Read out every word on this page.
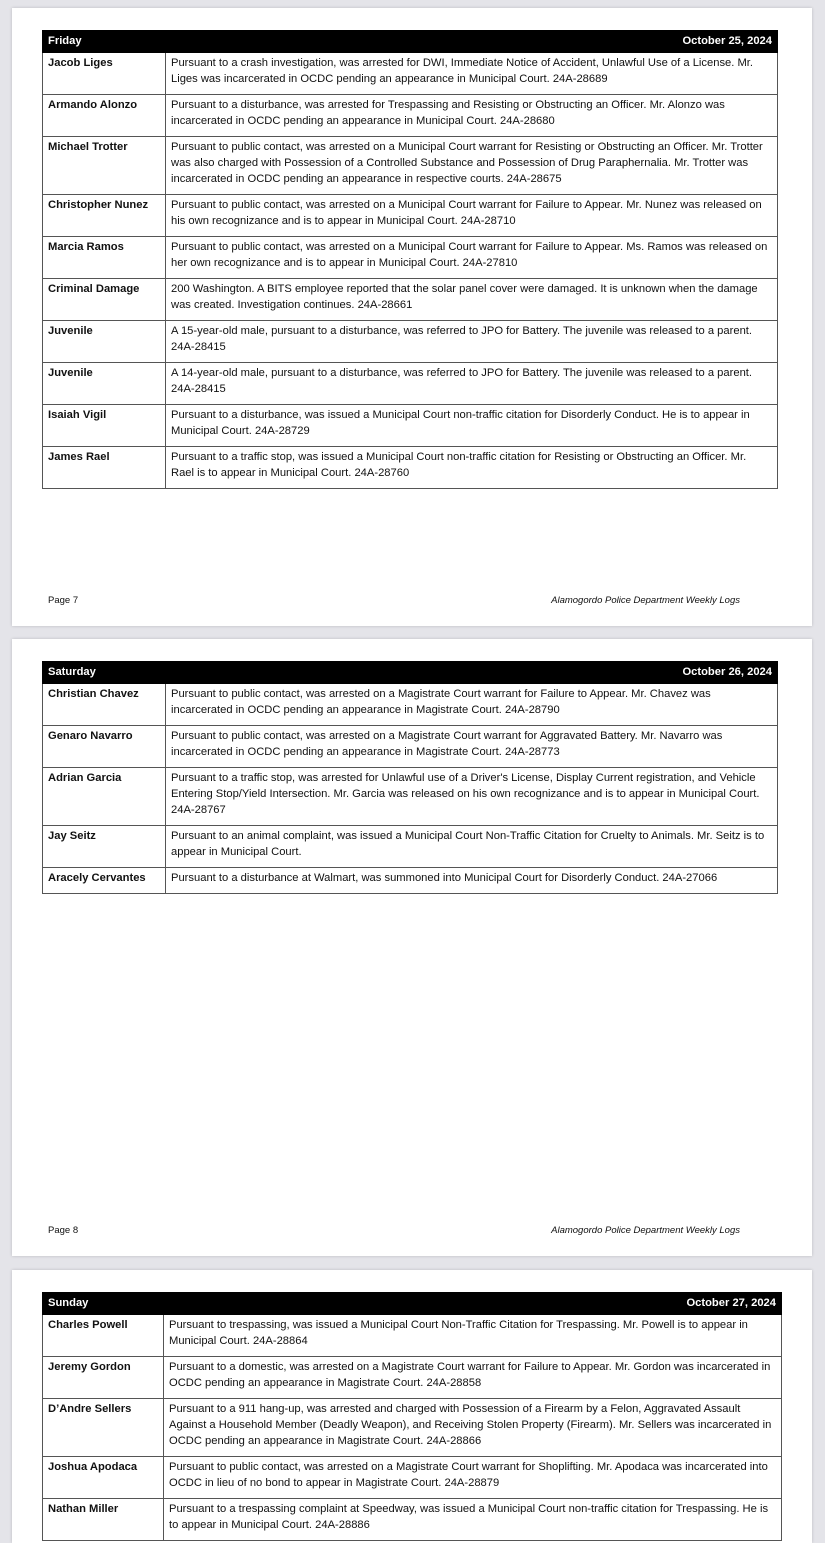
Friday	October 25, 2024
Jacob Liges	Pursuant to a crash investigation, was arrested for DWI, Immediate Notice of Accident, Unlawful Use of a License. Mr. Liges was incarcerated in OCDC pending an appearance in Municipal Court. 24A-28689
Armando Alonzo	Pursuant to a disturbance, was arrested for Trespassing and Resisting or Obstructing an Officer. Mr. Alonzo was incarcerated in OCDC pending an appearance in Municipal Court. 24A-28680
Michael Trotter	Pursuant to public contact, was arrested on a Municipal Court warrant for Resisting or Obstructing an Officer. Mr. Trotter was also charged with Possession of a Controlled Substance and Possession of Drug Paraphernalia. Mr. Trotter was incarcerated in OCDC pending an appearance in respective courts. 24A-28675
Christopher Nunez	Pursuant to public contact, was arrested on a Municipal Court warrant for Failure to Appear. Mr. Nunez was released on his own recognizance and is to appear in Municipal Court. 24A-28710
Marcia Ramos	Pursuant to public contact, was arrested on a Municipal Court warrant for Failure to Appear. Ms. Ramos was released on her own recognizance and is to appear in Municipal Court. 24A-27810
Criminal Damage	200 Washington. A BITS employee reported that the solar panel cover were damaged. It is unknown when the damage was created. Investigation continues. 24A-28661
Juvenile	A 15-year-old male, pursuant to a disturbance, was referred to JPO for Battery. The juvenile was released to a parent. 24A-28415
Juvenile	A 14-year-old male, pursuant to a disturbance, was referred to JPO for Battery. The juvenile was released to a parent. 24A-28415
Isaiah Vigil	Pursuant to a disturbance, was issued a Municipal Court non-traffic citation for Disorderly Conduct. He is to appear in Municipal Court. 24A-28729
James Rael	Pursuant to a traffic stop, was issued a Municipal Court non-traffic citation for Resisting or Obstructing an Officer. Mr. Rael is to appear in Municipal Court. 24A-28760
Page 7	Alamogordo Police Department Weekly Logs
Saturday	October 26, 2024
Christian Chavez	Pursuant to public contact, was arrested on a Magistrate Court warrant for Failure to Appear. Mr. Chavez was incarcerated in OCDC pending an appearance in Magistrate Court. 24A-28790
Genaro Navarro	Pursuant to public contact, was arrested on a Magistrate Court warrant for Aggravated Battery. Mr. Navarro was incarcerated in OCDC pending an appearance in Magistrate Court. 24A-28773
Adrian Garcia	Pursuant to a traffic stop, was arrested for Unlawful use of a Driver's License, Display Current registration, and Vehicle Entering Stop/Yield Intersection. Mr. Garcia was released on his own recognizance and is to appear in Municipal Court. 24A-28767
Jay Seitz	Pursuant to an animal complaint, was issued a Municipal Court Non-Traffic Citation for Cruelty to Animals. Mr. Seitz is to appear in Municipal Court.
Aracely Cervantes	Pursuant to a disturbance at Walmart, was summoned into Municipal Court for Disorderly Conduct. 24A-27066
Page 8	Alamogordo Police Department Weekly Logs
Sunday	October 27, 2024
Charles Powell	Pursuant to trespassing, was issued a Municipal Court Non-Traffic Citation for Trespassing. Mr. Powell is to appear in Municipal Court. 24A-28864
Jeremy Gordon	Pursuant to a domestic, was arrested on a Magistrate Court warrant for Failure to Appear. Mr. Gordon was incarcerated in OCDC pending an appearance in Magistrate Court. 24A-28858
D’Andre Sellers	Pursuant to a 911 hang-up, was arrested and charged with Possession of a Firearm by a Felon, Aggravated Assault Against a Household Member (Deadly Weapon), and Receiving Stolen Property (Firearm). Mr. Sellers was incarcerated in OCDC pending an appearance in Magistrate Court. 24A-28866
Joshua Apodaca	Pursuant to public contact, was arrested on a Magistrate Court warrant for Shoplifting. Mr. Apodaca was incarcerated into OCDC in lieu of no bond to appear in Magistrate Court. 24A-28879
Nathan Miller	Pursuant to a trespassing complaint at Speedway, was issued a Municipal Court non-traffic citation for Trespassing. He is to appear in Municipal Court. 24A-28886
